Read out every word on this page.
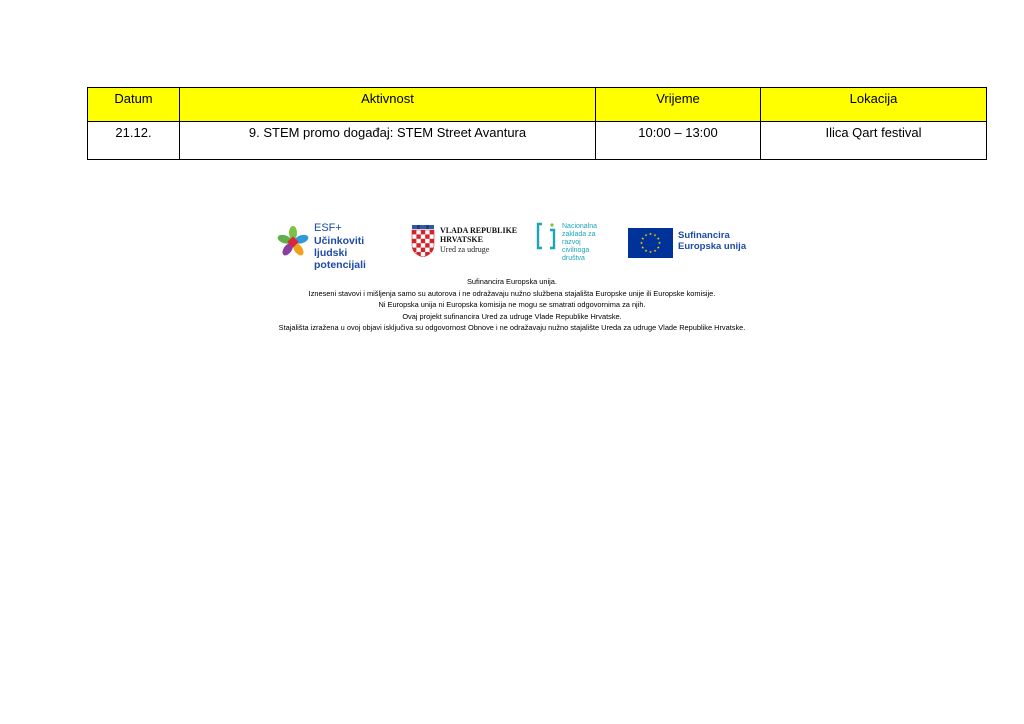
Datum	Aktivnost	Vrijeme	Lokacija
21.12.	9. STEM promo događaj: STEM Street Avantura	10:00 – 13:00	Ilica Qart festival
ESF+
Učinkoviti ljudski
potencijali
VLADA REPUBLIKE
HRVATSKE
Ured za udruge
Nacionalna
zaklada za
razvoj
civilnoga
društva
Sufinancira
Europska unija

Sufinancira Europska unija.

Izneseni stavovi i mišljenja samo su autorova i ne odražavaju nužno službena stajališta Europske unije ili Europske komisije.

Ni Europska unija ni Europska komisija ne mogu se smatrati odgovornima za njih.

Ovaj projekt sufinancira Ured za udruge Vlade Republike Hrvatske.

Stajališta izražena u ovoj objavi isključiva su odgovornost Obnove i ne odražavaju nužno stajalište Ureda za udruge Vlade Republike Hrvatske.
